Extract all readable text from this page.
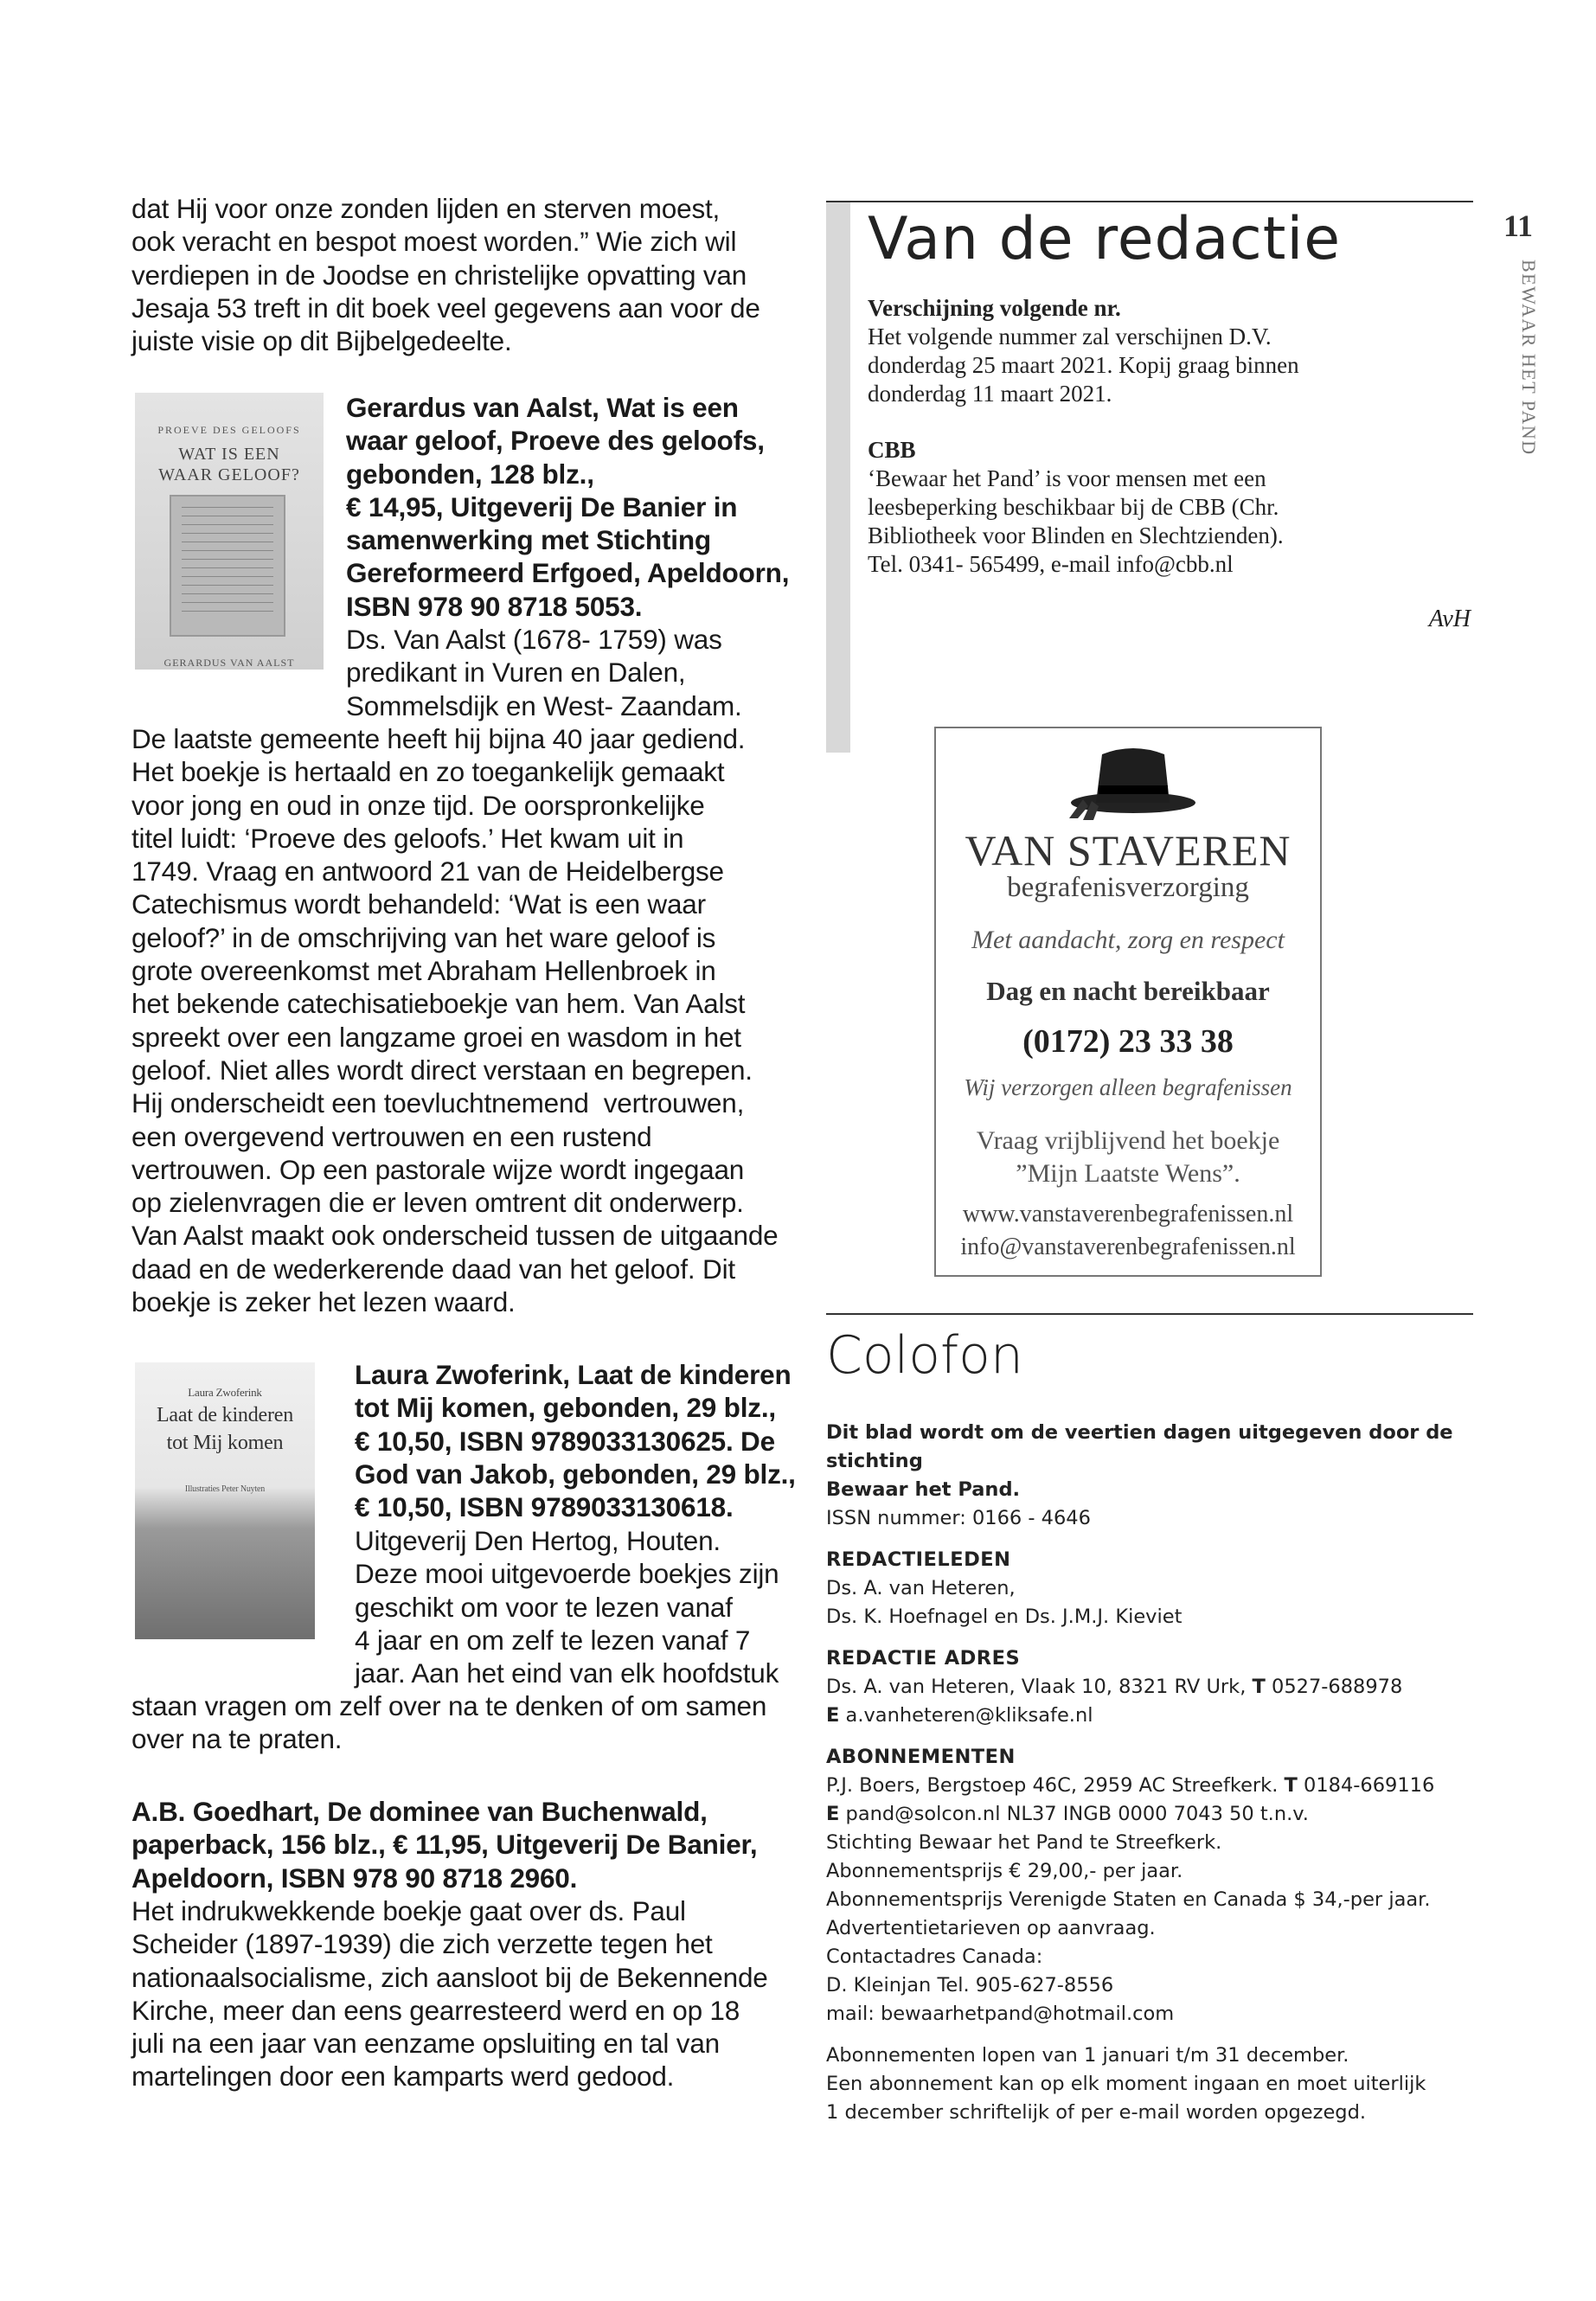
11
BEWAAR HET PAND
dat Hij voor onze zonden lijden en sterven moest,
ook veracht en bespot moest worden.” Wie zich wil
verdiepen in de Joodse en christelijke opvatting van
Jesaja 53 treft in dit boek veel gegevens aan voor de
juiste visie op dit Bijbelgedeelte.
PROEVE DES GELOOFS
WAT IS EEN
WAAR GELOOF?
GERARDUS VAN AALST
Gerardus van Aalst, Wat is een
waar geloof, Proeve des geloofs,
gebonden, 128 blz.,
€ 14,95, Uitgeverij De Banier in
samenwerking met Stichting
Gereformeerd Erfgoed, Apeldoorn,
ISBN 978 90 8718 5053.
Ds. Van Aalst (1678- 1759) was
predikant in Vuren en Dalen,
Sommelsdijk en West- Zaandam.
De laatste gemeente heeft hij bijna 40 jaar gediend.
Het boekje is hertaald en zo toegankelijk gemaakt
voor jong en oud in onze tijd. De oorspronkelijke
titel luidt: ‘Proeve des geloofs.’ Het kwam uit in
1749. Vraag en antwoord 21 van de Heidelbergse
Catechismus wordt behandeld: ‘Wat is een waar
geloof?’ in de omschrijving van het ware geloof is
grote overeenkomst met Abraham Hellenbroek in
het bekende catechisatieboekje van hem. Van Aalst
spreekt over een langzame groei en wasdom in het
geloof. Niet alles wordt direct verstaan en begrepen.
Hij onderscheidt een toevluchtnemend  vertrouwen,
een overgevend vertrouwen en een rustend
vertrouwen. Op een pastorale wijze wordt ingegaan
op zielenvragen die er leven omtrent dit onderwerp.
Van Aalst maakt ook onderscheid tussen de uitgaande
daad en de wederkerende daad van het geloof. Dit
boekje is zeker het lezen waard.
Laura Zwoferink
Laat de kinderen
tot Mij komen
Illustraties Peter Nuyten
Laura Zwoferink, Laat de kinderen
tot Mij komen, gebonden, 29 blz.,
€ 10,50, ISBN 9789033130625. De
God van Jakob, gebonden, 29 blz.,
€ 10,50, ISBN 9789033130618.
Uitgeverij Den Hertog, Houten.
Deze mooi uitgevoerde boekjes zijn
geschikt om voor te lezen vanaf
4 jaar en om zelf te lezen vanaf 7
jaar. Aan het eind van elk hoofdstuk
staan vragen om zelf over na te denken of om samen
over na te praten.
A.B. Goedhart, De dominee van Buchenwald,
paperback, 156 blz., € 11,95, Uitgeverij De Banier,
Apeldoorn, ISBN 978 90 8718 2960.
Het indrukwekkende boekje gaat over ds. Paul
Scheider (1897-1939) die zich verzette tegen het
nationaalsocialisme, zich aansloot bij de Bekennende
Kirche, meer dan eens gearresteerd werd en op 18
juli na een jaar van eenzame opsluiting en tal van
martelingen door een kamparts werd gedood.
Van de redactie
Verschijning volgende nr.
Het volgende nummer zal verschijnen D.V.
donderdag 25 maart 2021. Kopij graag binnen
donderdag 11 maart 2021.
CBB
‘Bewaar het Pand’ is voor mensen met een
leesbeperking beschikbaar bij de CBB (Chr.
Bibliotheek voor Blinden en Slechtzienden).
Tel. 0341- 565499, e-mail info@cbb.nl
AvH
VAN STAVEREN
begrafenisverzorging
Met aandacht, zorg en respect
Dag en nacht bereikbaar
(0172) 23 33 38
Wij verzorgen alleen begrafenissen
Vraag vrijblijvend het boekje
”Mijn Laatste Wens”.
www.vanstaverenbegrafenissen.nl
info@vanstaverenbegrafenissen.nl
Colofon
Dit blad wordt om de veertien dagen uitgegeven door de stichting
Bewaar het Pand.
ISSN nummer: 0166 - 4646
REDACTIELEDEN
Ds. A. van Heteren,
Ds. K. Hoefnagel en Ds. J.M.J. Kieviet
REDACTIE ADRES
Ds. A. van Heteren, Vlaak 10, 8321 RV Urk, T 0527-688978
E a.vanheteren@kliksafe.nl
ABONNEMENTEN
P.J. Boers, Bergstoep 46C, 2959 AC Streefkerk. T 0184-669116
E pand@solcon.nl NL37 INGB 0000 7043 50 t.n.v.
Stichting Bewaar het Pand te Streefkerk.
Abonnementsprijs € 29,00,- per jaar.
Abonnementsprijs Verenigde Staten en Canada $ 34,-per jaar.
Advertentietarieven op aanvraag.
Contactadres Canada:
D. Kleinjan Tel. 905-627-8556
mail: bewaarhetpand@hotmail.com
Abonnementen lopen van 1 januari t/m 31 december.
Een abonnement kan op elk moment ingaan en moet uiterlijk
1 december schriftelijk of per e-mail worden opgezegd.
